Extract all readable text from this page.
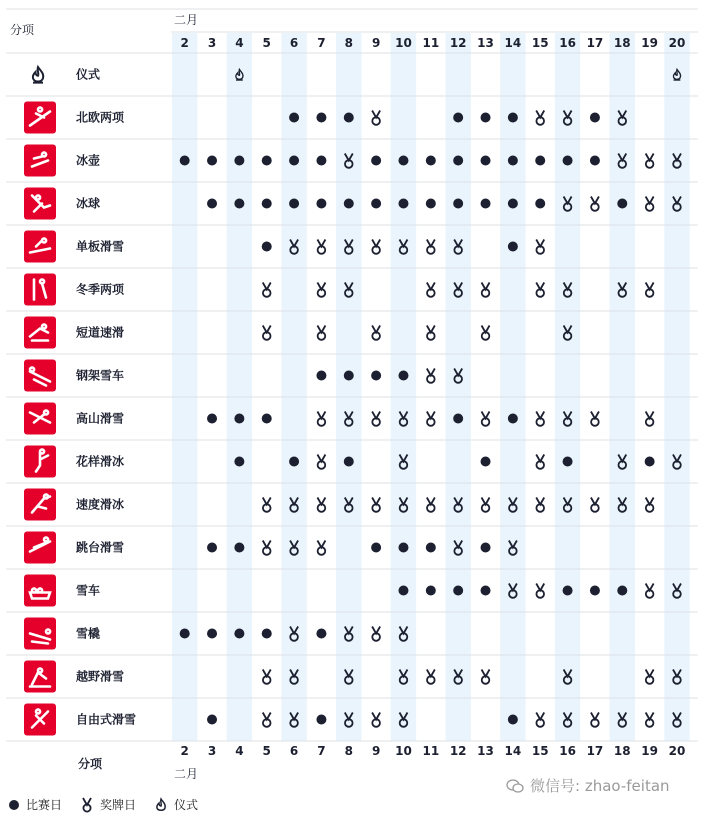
分项
二月
分项
二月
2
2
3
3
4
4
5
5
6
6
7
7
8
8
9
9
10
10
11
11
12
12
13
13
14
14
15
15
16
16
17
17
18
18
19
19
20
20
仪式
北欧两项
冰壶
冰球
单板滑雪
冬季两项
短道速滑
钢架雪车
高山滑雪
花样滑冰
速度滑冰
跳台滑雪
雪车
雪橇
越野滑雪
自由式滑雪
比赛日	奖牌日	仪式
微信号: zhao-feitan
